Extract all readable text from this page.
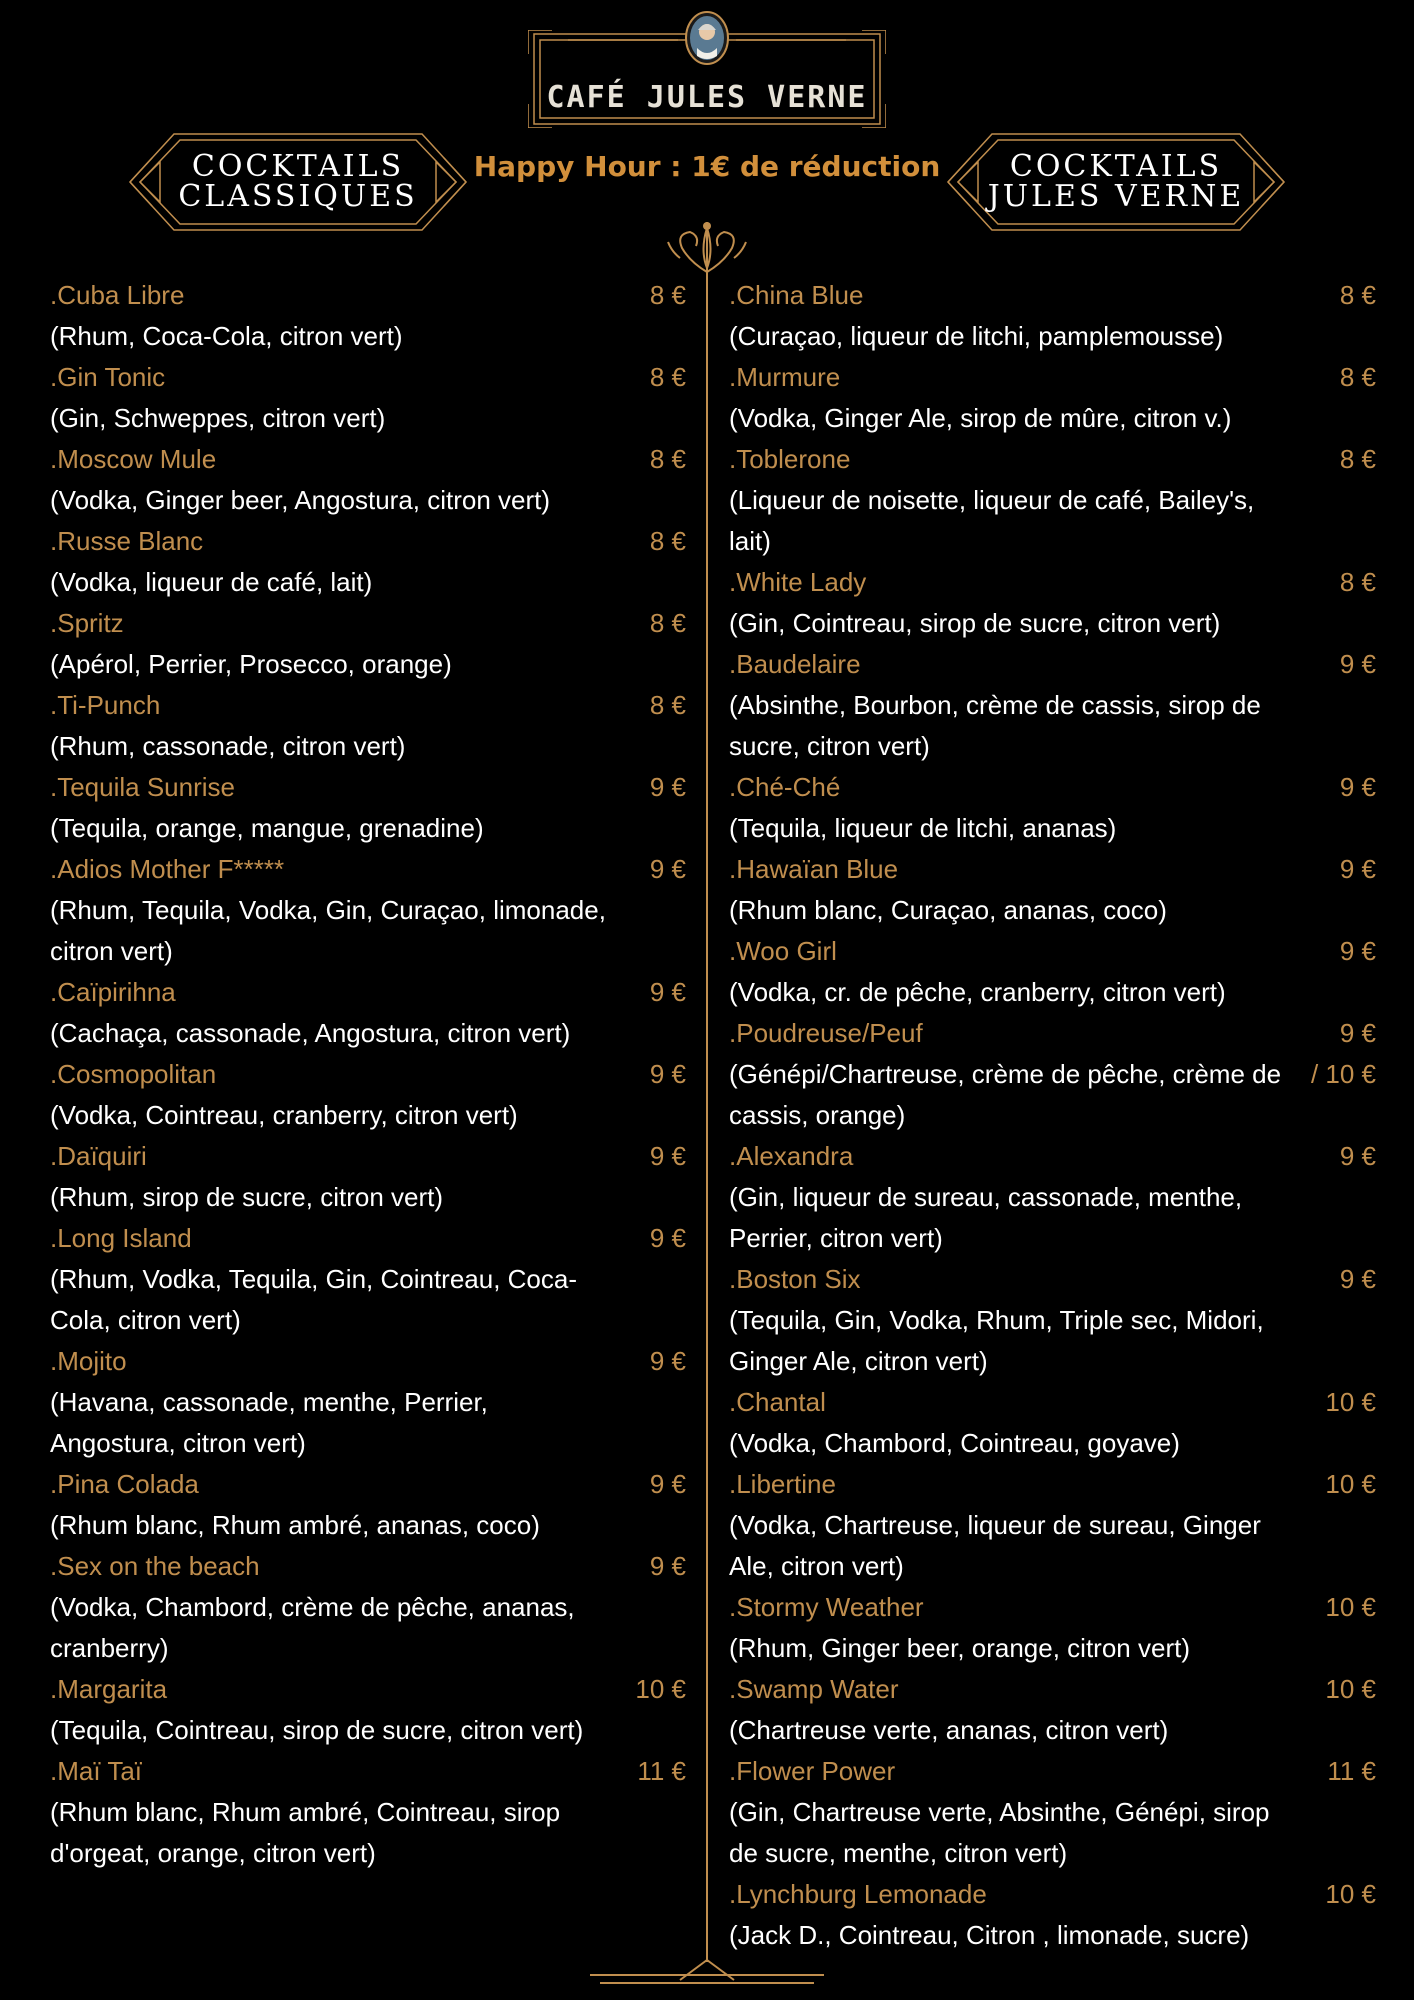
CAFÉ JULES VERNE
COCKTAILS
CLASSIQUES
Happy Hour : 1€ de réduction	COCKTAILS
JULES VERNE
.Cuba Libre	8 €
(Rhum, Coca-Cola, citron vert)
.Gin Tonic	8 €
(Gin, Schweppes, citron vert)
.Moscow Mule	8 €
(Vodka, Ginger beer, Angostura, citron vert)
.Russe Blanc	8 €
(Vodka, liqueur de café, lait)
.Spritz	8 €
(Apérol, Perrier, Prosecco, orange)
.Ti-Punch	8 €
(Rhum, cassonade, citron vert)
.Tequila Sunrise	9 €
(Tequila, orange, mangue, grenadine)
.Adios Mother F*****	9 €
(Rhum, Tequila, Vodka, Gin, Curaçao, limonade, citron vert)
.Caïpirihna	9 €
(Cachaça, cassonade, Angostura, citron vert)
.Cosmopolitan	9 €
(Vodka, Cointreau, cranberry, citron vert)
.Daïquiri	9 €
(Rhum, sirop de sucre, citron vert)
.Long Island	9 €
(Rhum, Vodka, Tequila, Gin, Cointreau, Coca-Cola, citron vert)
.Mojito	9 €
(Havana, cassonade, menthe, Perrier, Angostura, citron vert)
.Pina Colada	9 €
(Rhum blanc, Rhum ambré, ananas, coco)
.Sex on the beach	9 €
(Vodka, Chambord, crème de pêche, ananas, cranberry)
.Margarita	10 €
(Tequila, Cointreau, sirop de sucre, citron vert)
.Maï Taï	11 €
(Rhum blanc, Rhum ambré, Cointreau, sirop d'orgeat, orange, citron vert)
.China Blue	8 €
(Curaçao, liqueur de litchi, pamplemousse)
.Murmure	8 €
(Vodka, Ginger Ale, sirop de mûre, citron v.)
.Toblerone	8 €
(Liqueur de noisette, liqueur de café, Bailey's, lait)
.White Lady	8 €
(Gin, Cointreau, sirop de sucre, citron vert)
.Baudelaire	9 €
(Absinthe, Bourbon, crème de cassis, sirop de sucre, citron vert)
.Ché-Ché	9 €
(Tequila, liqueur de litchi, ananas)
.Hawaïan Blue	9 €
(Rhum blanc, Curaçao, ananas, coco)
.Woo Girl	9 €
(Vodka, cr. de pêche, cranberry, citron vert)
.Poudreuse/Peuf	9 €
/ 10 €
(Génépi/Chartreuse, crème de pêche, crème de cassis, orange)
.Alexandra	9 €
(Gin, liqueur de sureau, cassonade, menthe, Perrier, citron vert)
.Boston Six	9 €
(Tequila, Gin, Vodka, Rhum, Triple sec, Midori, Ginger Ale, citron vert)
.Chantal	10 €
(Vodka, Chambord, Cointreau, goyave)
.Libertine	10 €
(Vodka, Chartreuse, liqueur de sureau, Ginger Ale, citron vert)
.Stormy Weather	10 €
(Rhum, Ginger beer, orange, citron vert)
.Swamp Water	10 €
(Chartreuse verte, ananas, citron vert)
.Flower Power	11 €
(Gin, Chartreuse verte, Absinthe, Génépi, sirop de sucre, menthe, citron vert)
.Lynchburg Lemonade	10 €
(Jack D., Cointreau, Citron , limonade, sucre)
